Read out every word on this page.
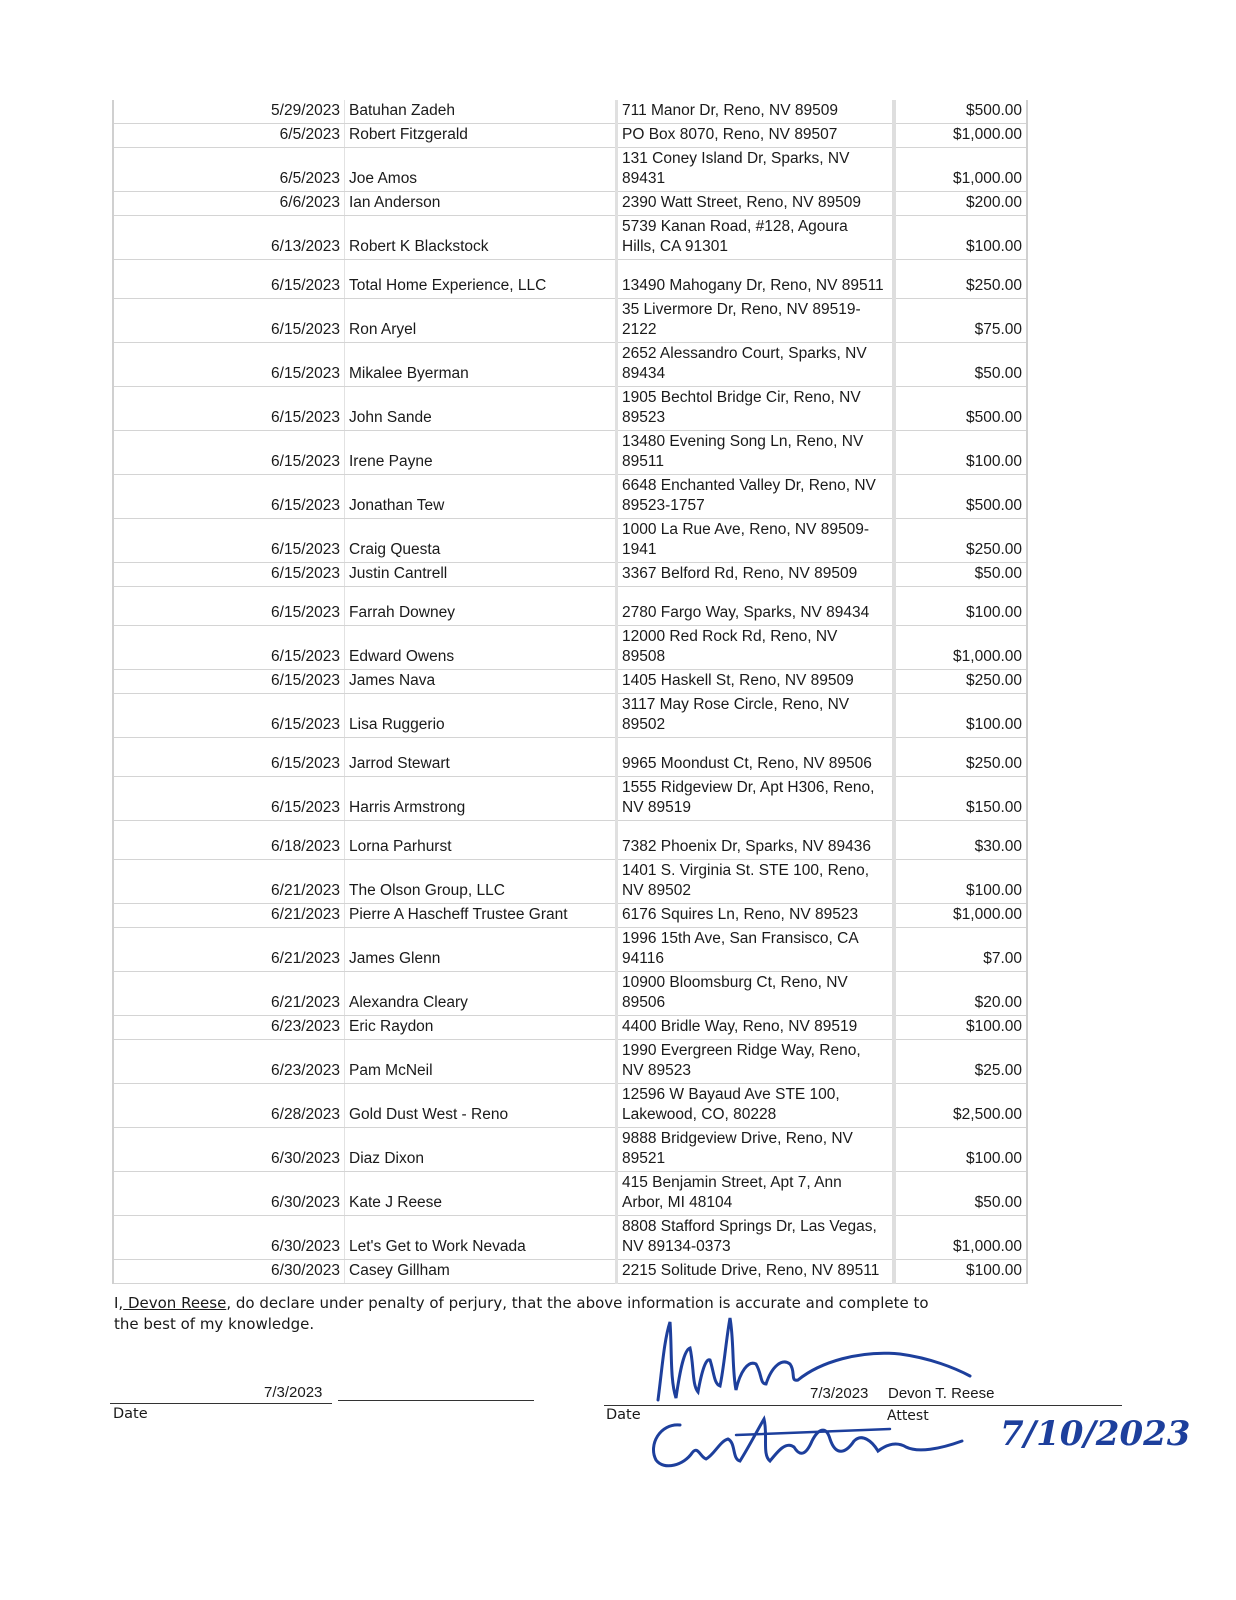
5/29/2023	Batuhan Zadeh	711 Manor Dr, Reno, NV 89509	$500.00
6/5/2023	Robert Fitzgerald	PO Box 8070, Reno, NV 89507	$1,000.00
6/5/2023	Joe Amos	131 Coney Island Dr, Sparks, NV 89431	$1,000.00
6/6/2023	Ian Anderson	2390 Watt Street, Reno, NV 89509	$200.00
6/13/2023	Robert K Blackstock	5739 Kanan Road, #128, Agoura Hills, CA 91301	$100.00
6/15/2023	Total Home Experience, LLC	13490 Mahogany Dr, Reno, NV 89511	$250.00
6/15/2023	Ron Aryel	35 Livermore Dr, Reno, NV 89519-2122	$75.00
6/15/2023	Mikalee Byerman	2652 Alessandro Court, Sparks, NV 89434	$50.00
6/15/2023	John Sande	1905 Bechtol Bridge Cir, Reno, NV 89523	$500.00
6/15/2023	Irene Payne	13480 Evening Song Ln, Reno, NV 89511	$100.00
6/15/2023	Jonathan Tew	6648 Enchanted Valley Dr, Reno, NV 89523-1757	$500.00
6/15/2023	Craig Questa	1000 La Rue Ave, Reno, NV 89509-1941	$250.00
6/15/2023	Justin Cantrell	3367 Belford Rd, Reno, NV 89509	$50.00
6/15/2023	Farrah Downey	2780 Fargo Way, Sparks, NV 89434	$100.00
6/15/2023	Edward Owens	12000 Red Rock Rd, Reno, NV 89508	$1,000.00
6/15/2023	James Nava	1405 Haskell St, Reno, NV 89509	$250.00
6/15/2023	Lisa Ruggerio	3117 May Rose Circle, Reno, NV 89502	$100.00
6/15/2023	Jarrod Stewart	9965 Moondust Ct, Reno, NV 89506	$250.00
6/15/2023	Harris Armstrong	1555 Ridgeview Dr, Apt H306, Reno, NV 89519	$150.00
6/18/2023	Lorna Parhurst	7382 Phoenix Dr, Sparks, NV 89436	$30.00
6/21/2023	The Olson Group, LLC	1401 S. Virginia St. STE 100, Reno, NV 89502	$100.00
6/21/2023	Pierre A Hascheff Trustee Grant	6176 Squires Ln, Reno, NV 89523	$1,000.00
6/21/2023	James Glenn	1996 15th Ave, San Fransisco, CA 94116	$7.00
6/21/2023	Alexandra Cleary	10900 Bloomsburg Ct, Reno, NV 89506	$20.00
6/23/2023	Eric Raydon	4400 Bridle Way, Reno, NV 89519	$100.00
6/23/2023	Pam McNeil	1990 Evergreen Ridge Way, Reno, NV 89523	$25.00
6/28/2023	Gold Dust West - Reno	12596 W Bayaud Ave STE 100, Lakewood, CO, 80228	$2,500.00
6/30/2023	Diaz Dixon	9888 Bridgeview Drive, Reno, NV 89521	$100.00
6/30/2023	Kate J Reese	415 Benjamin Street, Apt 7, Ann Arbor, MI 48104	$50.00
6/30/2023	Let's Get to Work Nevada	8808 Stafford Springs Dr, Las Vegas, NV 89134-0373	$1,000.00
6/30/2023	Casey Gillham	2215 Solitude Drive, Reno, NV 89511	$100.00
I, Devon Reese, do declare under penalty of perjury, that the above information is accurate and complete to the best of my knowledge.
7/3/2023
Date
7/3/2023 Devon T. Reese
Date	Attest 7/10/2023
